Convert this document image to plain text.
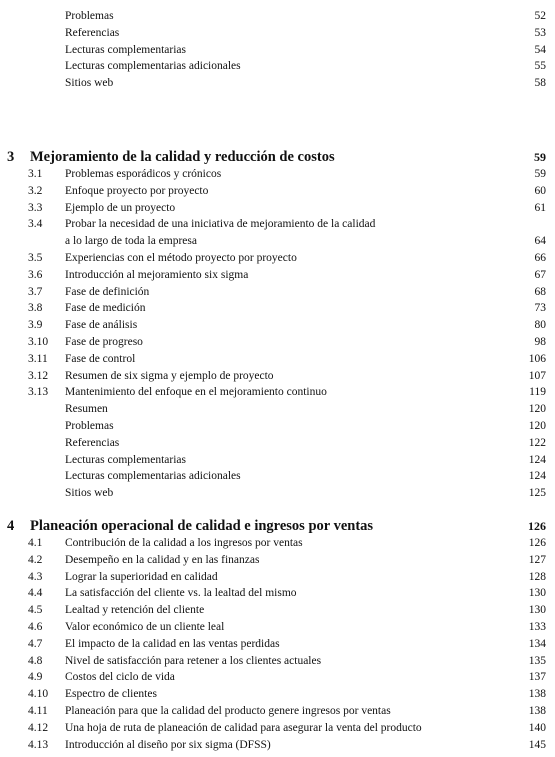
Problemas	52
Referencias	53
Lecturas complementarias	54
Lecturas complementarias adicionales	55
Sitios web	58
3 Mejoramiento de la calidad y reducción de costos	59
3.1 Problemas esporádicos y crónicos	59
3.2 Enfoque proyecto por proyecto	60
3.3 Ejemplo de un proyecto	61
3.4 Probar la necesidad de una iniciativa de mejoramiento de la calidad
a lo largo de toda la empresa	64
3.5 Experiencias con el método proyecto por proyecto	66
3.6 Introducción al mejoramiento six sigma	67
3.7 Fase de definición	68
3.8 Fase de medición	73
3.9 Fase de análisis	80
3.10 Fase de progreso	98
3.11 Fase de control	106
3.12 Resumen de six sigma y ejemplo de proyecto	107
3.13 Mantenimiento del enfoque en el mejoramiento continuo	119
Resumen	120
Problemas	120
Referencias	122
Lecturas complementarias	124
Lecturas complementarias adicionales	124
Sitios web	125
4 Planeación operacional de calidad e ingresos por ventas	126
4.1 Contribución de la calidad a los ingresos por ventas	126
4.2 Desempeño en la calidad y en las finanzas	127
4.3 Lograr la superioridad en calidad	128
4.4 La satisfacción del cliente vs. la lealtad del mismo	130
4.5 Lealtad y retención del cliente	130
4.6 Valor económico de un cliente leal	133
4.7 El impacto de la calidad en las ventas perdidas	134
4.8 Nivel de satisfacción para retener a los clientes actuales	135
4.9 Costos del ciclo de vida	137
4.10 Espectro de clientes	138
4.11 Planeación para que la calidad del producto genere ingresos por ventas	138
4.12 Una hoja de ruta de planeación de calidad para asegurar la venta del producto	140
4.13 Introducción al diseño por six sigma (DFSS)	145
